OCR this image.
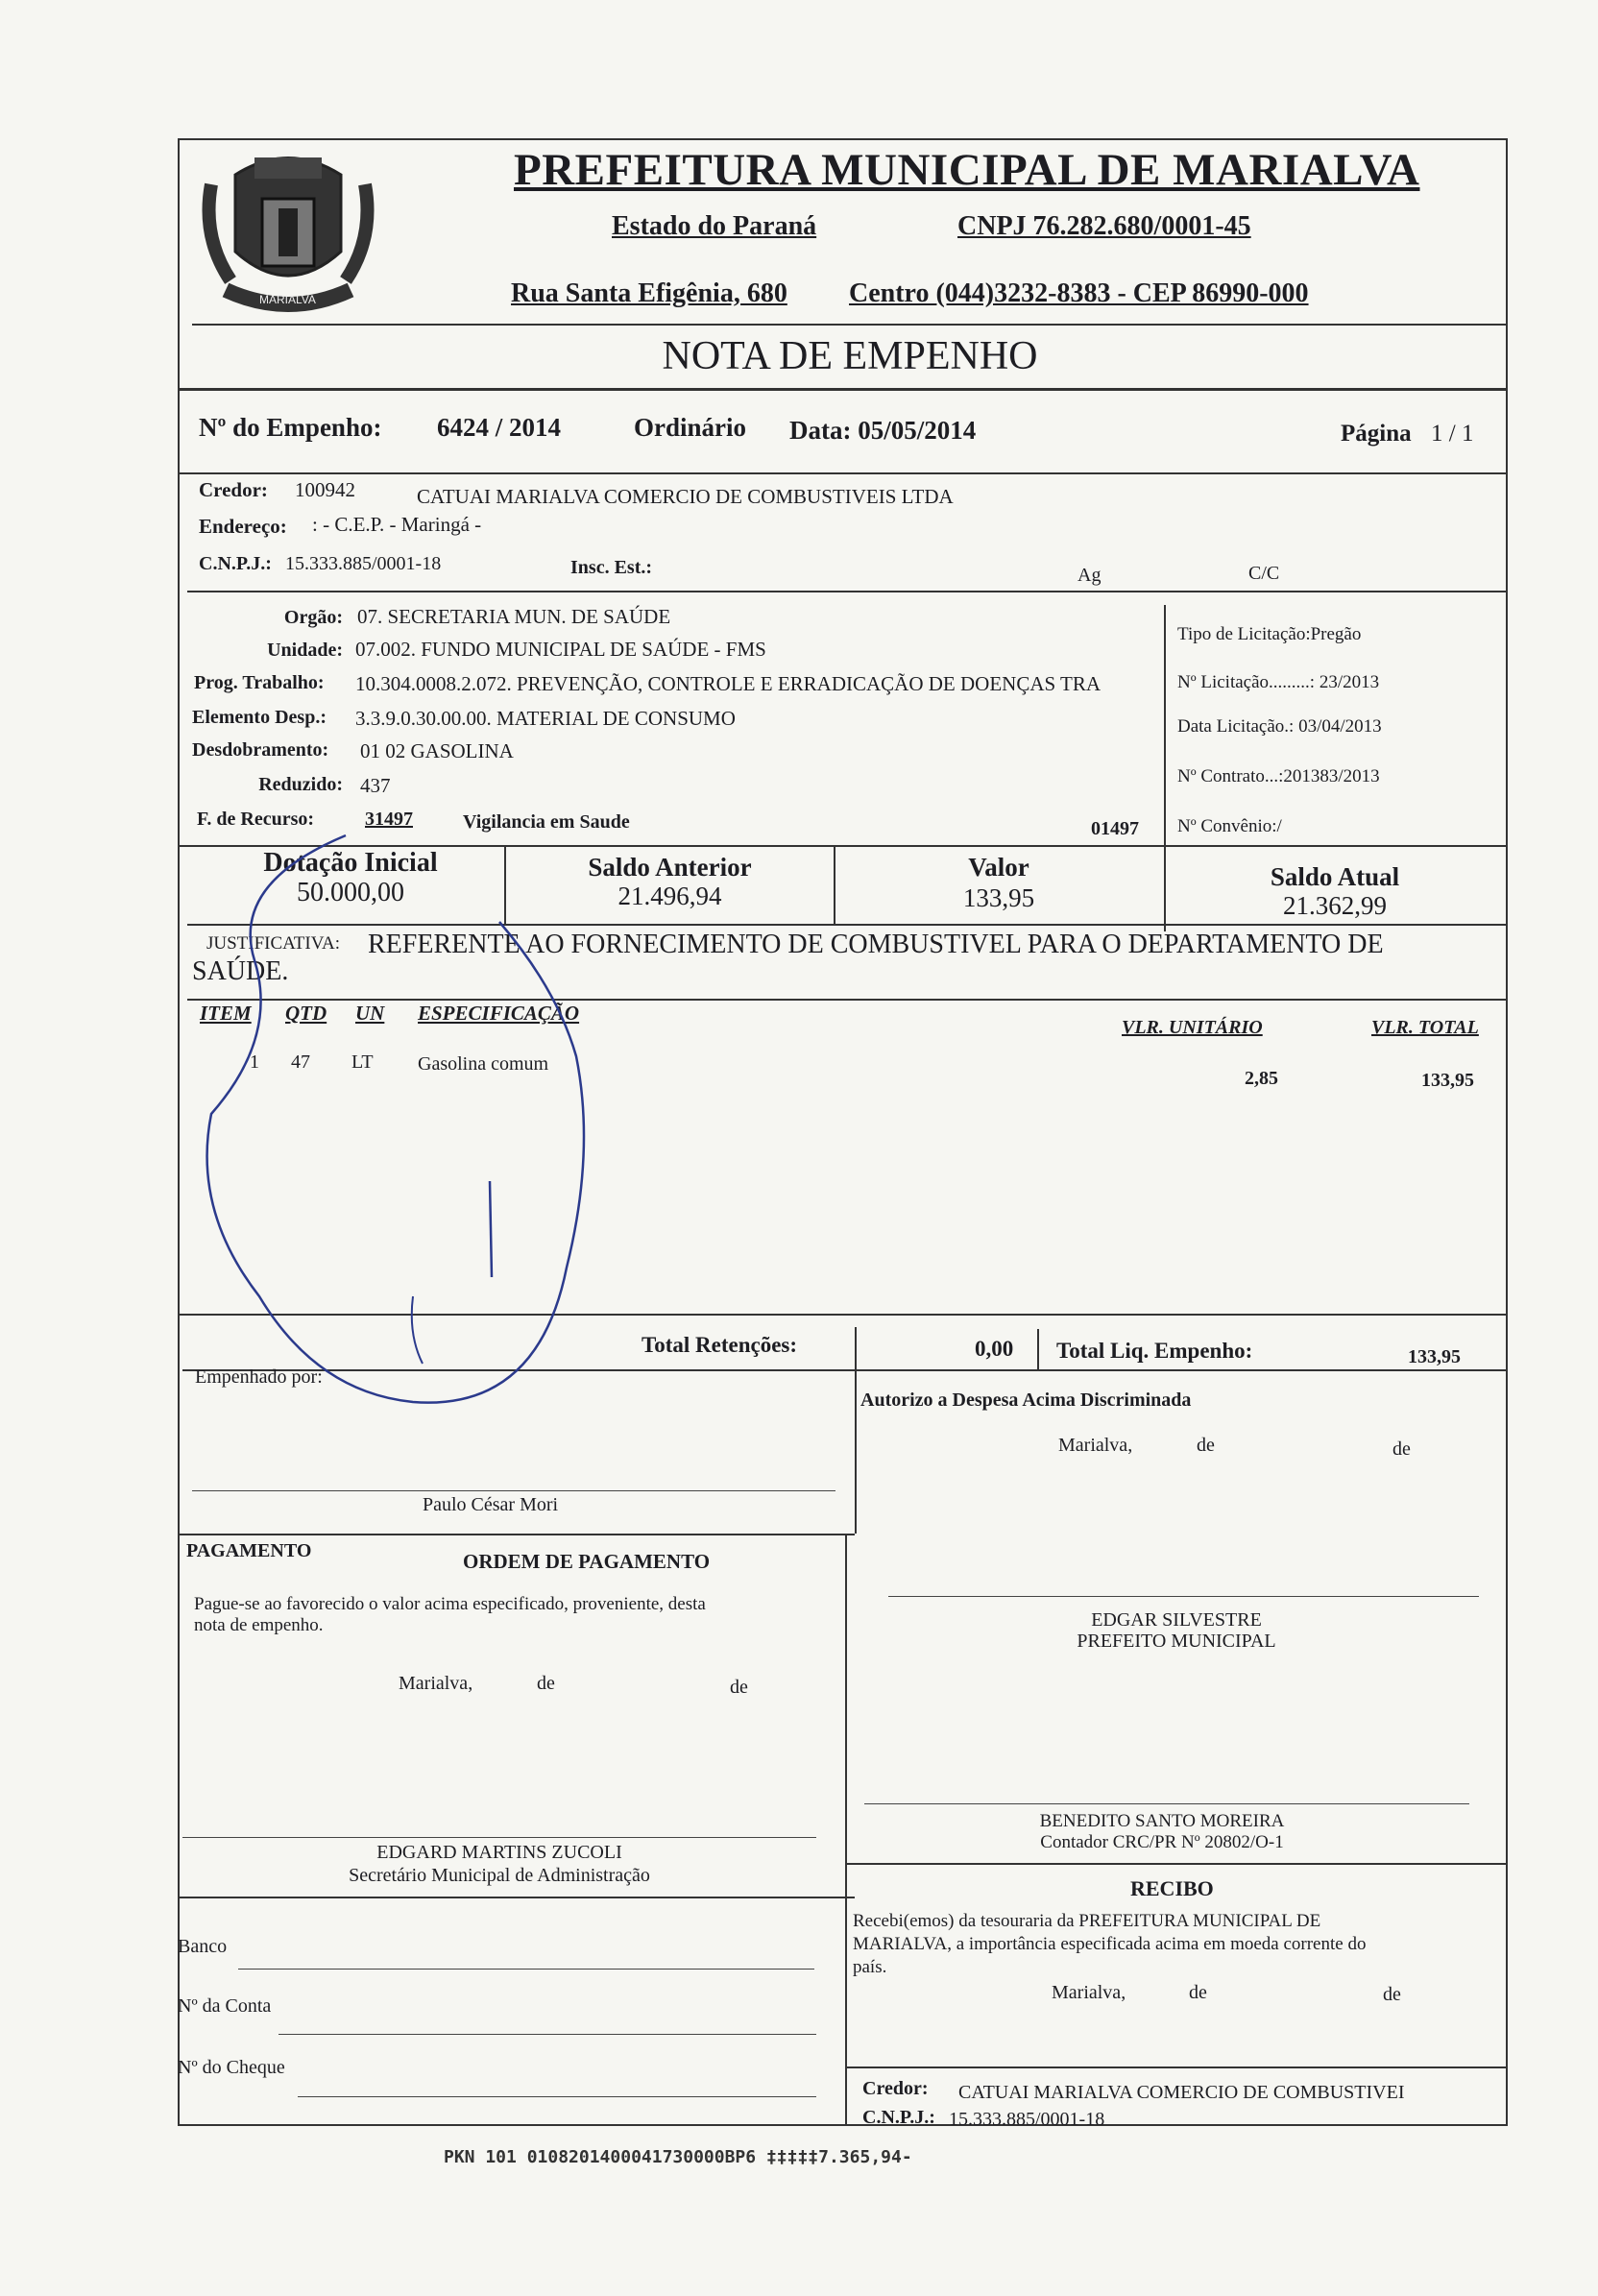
MARIALVA
PREFEITURA MUNICIPAL DE MARIALVA
Estado do Paraná	CNPJ 76.282.680/0001-45
Rua Santa Efigênia, 680 Centro (044)3232-8383 - CEP 86990-000
NOTA DE EMPENHO
Nº do Empenho: 6424 / 2014	Ordinário Data: 05/05/2014	Página 1 / 1
Credor: 100942	CATUAI MARIALVA COMERCIO DE COMBUSTIVEIS LTDA
Endereço: : - C.E.P. - Maringá -
C.N.P.J.: 15.333.885/0001-18	Insc. Est.:	Ag	C/C
Orgão: 07. SECRETARIA MUN. DE SAÚDE
Unidade: 07.002. FUNDO MUNICIPAL DE SAÚDE - FMS
Prog. Trabalho: 10.304.0008.2.072. PREVENÇÃO, CONTROLE E ERRADICAÇÃO DE DOENÇAS TRA
Elemento Desp.: 3.3.9.0.30.00.00. MATERIAL DE CONSUMO
Desdobramento: 01 02 GASOLINA
Reduzido: 437
F. de Recurso:	31497	Vigilancia em Saude	01497
Tipo de Licitação:Pregão
Nº Licitação.........: 23/2013
Data Licitação.: 03/04/2013
Nº Contrato...:201383/2013
Nº Convênio:/
Dotação Inicial
50.000,00
Saldo Anterior
21.496,94
Valor
133,95
Saldo Atual
21.362,99
JUSTIFICATIVA: REFERENTE AO FORNECIMENTO DE COMBUSTIVEL PARA O DEPARTAMENTO DE
SAÚDE.
ITEM QTD UN ESPECIFICAÇÃO
VLR. UNITÁRIO	VLR. TOTAL
1 47 LT Gasolina comum
2,85	133,95
Total Retenções:	0,00 Total Liq. Empenho:	133,95
Empenhado por:
Paulo César Mori
Autorizo a Despesa Acima Discriminada
Marialva,	de	de
EDGAR SILVESTRE
PREFEITO MUNICIPAL
PAGAMENTO	ORDEM DE PAGAMENTO
Pague-se ao favorecido o valor acima especificado, proveniente, desta
nota de empenho.
Marialva,	de	de
EDGARD MARTINS ZUCOLI
Secretário Municipal de Administração
BENEDITO SANTO MOREIRA
Contador CRC/PR Nº 20802/O-1
RECIBO
Recebi(emos) da tesouraria da PREFEITURA MUNICIPAL DE
MARIALVA, a importância especificada acima em moeda corrente do
país.
Marialva,	de	de
Credor: CATUAI MARIALVA COMERCIO DE COMBUSTIVEI
C.N.P.J.: 15.333.885/0001-18
Banco
Nº da Conta
Nº do Cheque
PKN 101 0108201400041730000BP6 ‡‡‡‡‡7.365,94-
